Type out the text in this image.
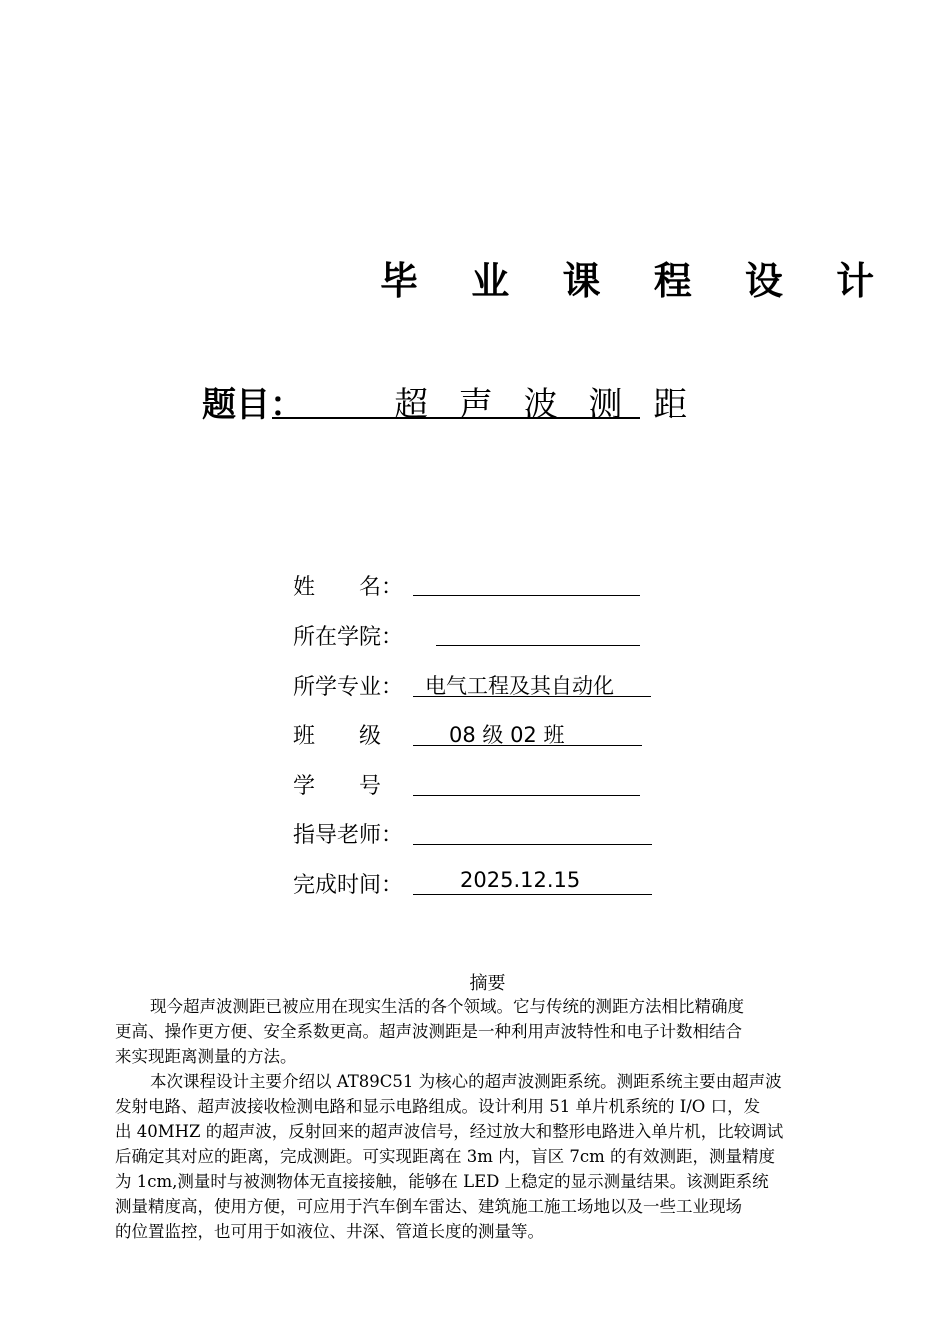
毕 业 课 程 设 计
题目：	超 声 波 测 距
姓　　名：
所在学院：
所学专业： 电气工程及其自动化
班　　级	08 级 02 班
学　　号
指导老师：
完成时间：	2025.12.15
摘要
现今超声波测距已被应用在现实生活的各个领域。它与传统的测距方法相比精确度
更高、操作更方便、安全系数更高。超声波测距是一种利用声波特性和电子计数相结合
来实现距离测量的方法。
本次课程设计主要介绍以 AT89C51 为核心的超声波测距系统。测距系统主要由超声波
发射电路、超声波接收检测电路和显示电路组成。设计利用 51 单片机系统的 I/O 口，发
出 40MHZ 的超声波，反射回来的超声波信号，经过放大和整形电路进入单片机，比较调试
后确定其对应的距离，完成测距。可实现距离在 3m 内，盲区 7cm 的有效测距，测量精度
为 1cm,测量时与被测物体无直接接触，能够在 LED 上稳定的显示测量结果。该测距系统
测量精度高，使用方便，可应用于汽车倒车雷达、建筑施工施工场地以及一些工业现场
的位置监控，也可用于如液位、井深、管道长度的测量等。
